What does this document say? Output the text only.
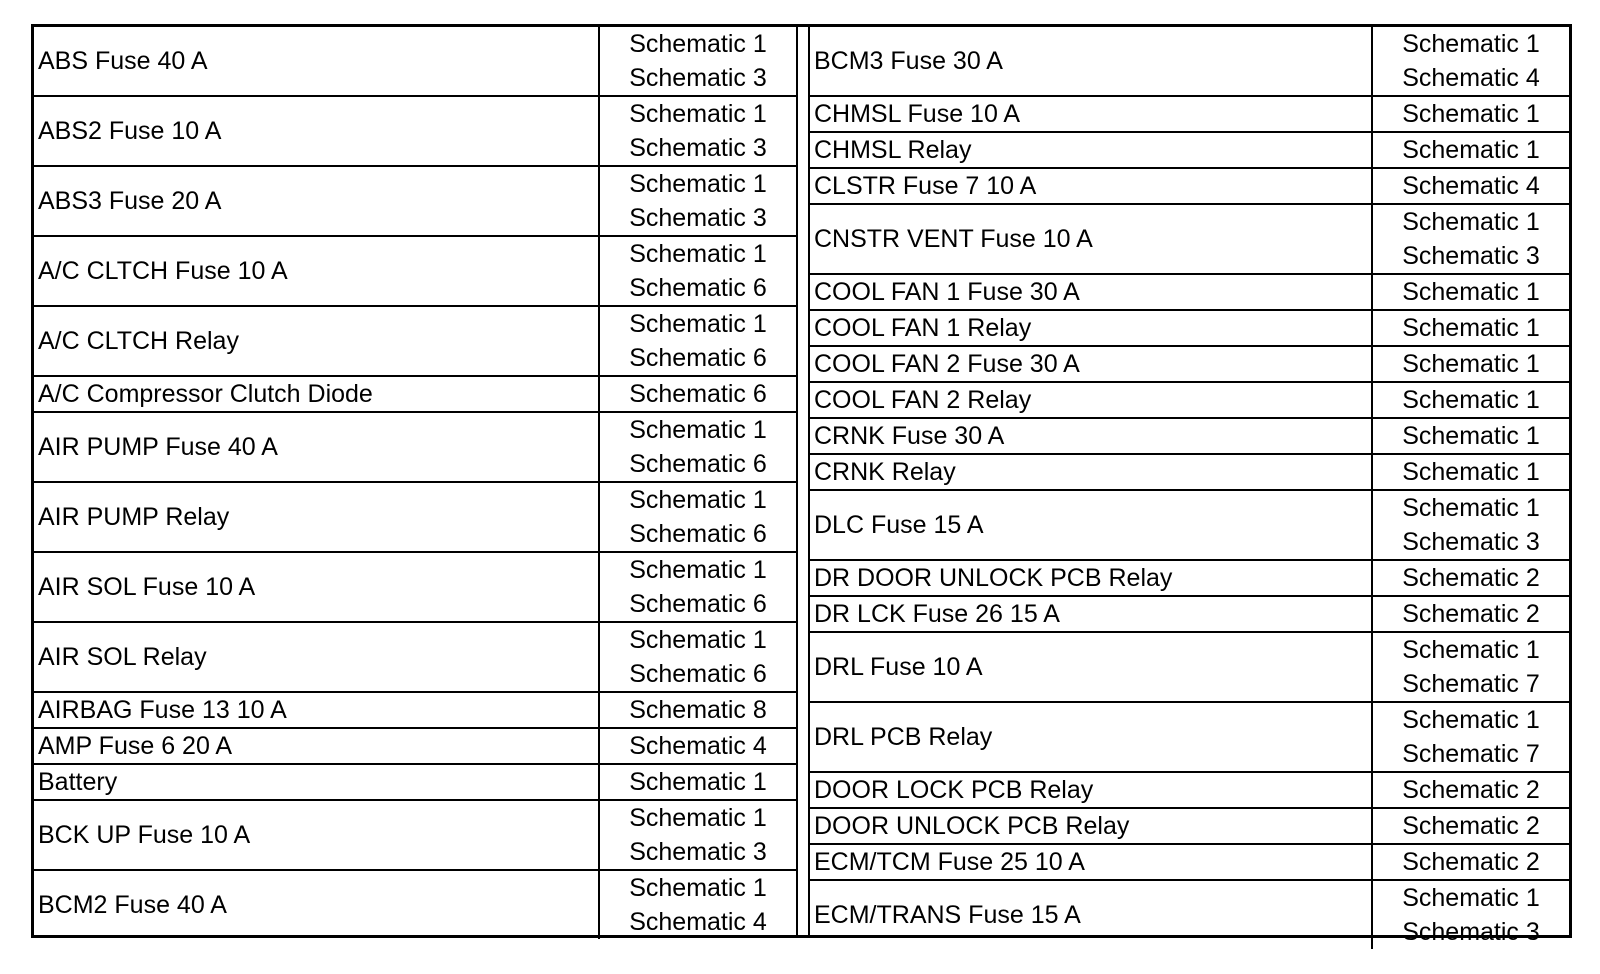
ABS Fuse 40 A	Schematic 1
Schematic 3

ABS2 Fuse 10 A	Schematic 1
Schematic 3

ABS3 Fuse 20 A	Schematic 1
Schematic 3

A/C CLTCH Fuse 10 A	Schematic 1
Schematic 6

A/C CLTCH Relay	Schematic 1
Schematic 6

A/C Compressor Clutch Diode	Schematic 6

AIR PUMP Fuse 40 A	Schematic 1
Schematic 6

AIR PUMP Relay	Schematic 1
Schematic 6

AIR SOL Fuse 10 A	Schematic 1
Schematic 6

AIR SOL Relay	Schematic 1
Schematic 6

AIRBAG Fuse 13 10 A	Schematic 8

AMP Fuse 6 20 A	Schematic 4

Battery	Schematic 1

BCK UP Fuse 10 A	Schematic 1
Schematic 3

BCM2 Fuse 40 A	Schematic 1
Schematic 4
BCM3 Fuse 30 A	Schematic 1
Schematic 4

CHMSL Fuse 10 A	Schematic 1

CHMSL Relay	Schematic 1

CLSTR Fuse 7 10 A	Schematic 4

CNSTR VENT Fuse 10 A	Schematic 1
Schematic 3

COOL FAN 1 Fuse 30 A	Schematic 1

COOL FAN 1 Relay	Schematic 1

COOL FAN 2 Fuse 30 A	Schematic 1

COOL FAN 2 Relay	Schematic 1

CRNK Fuse 30 A	Schematic 1

CRNK Relay	Schematic 1

DLC Fuse 15 A	Schematic 1
Schematic 3

DR DOOR UNLOCK PCB Relay	Schematic 2

DR LCK Fuse 26 15 A	Schematic 2

DRL Fuse 10 A	Schematic 1
Schematic 7

DRL PCB Relay	Schematic 1
Schematic 7

DOOR LOCK PCB Relay	Schematic 2

DOOR UNLOCK PCB Relay	Schematic 2

ECM/TCM Fuse 25 10 A	Schematic 2

ECM/TRANS Fuse 15 A	Schematic 1
Schematic 3
